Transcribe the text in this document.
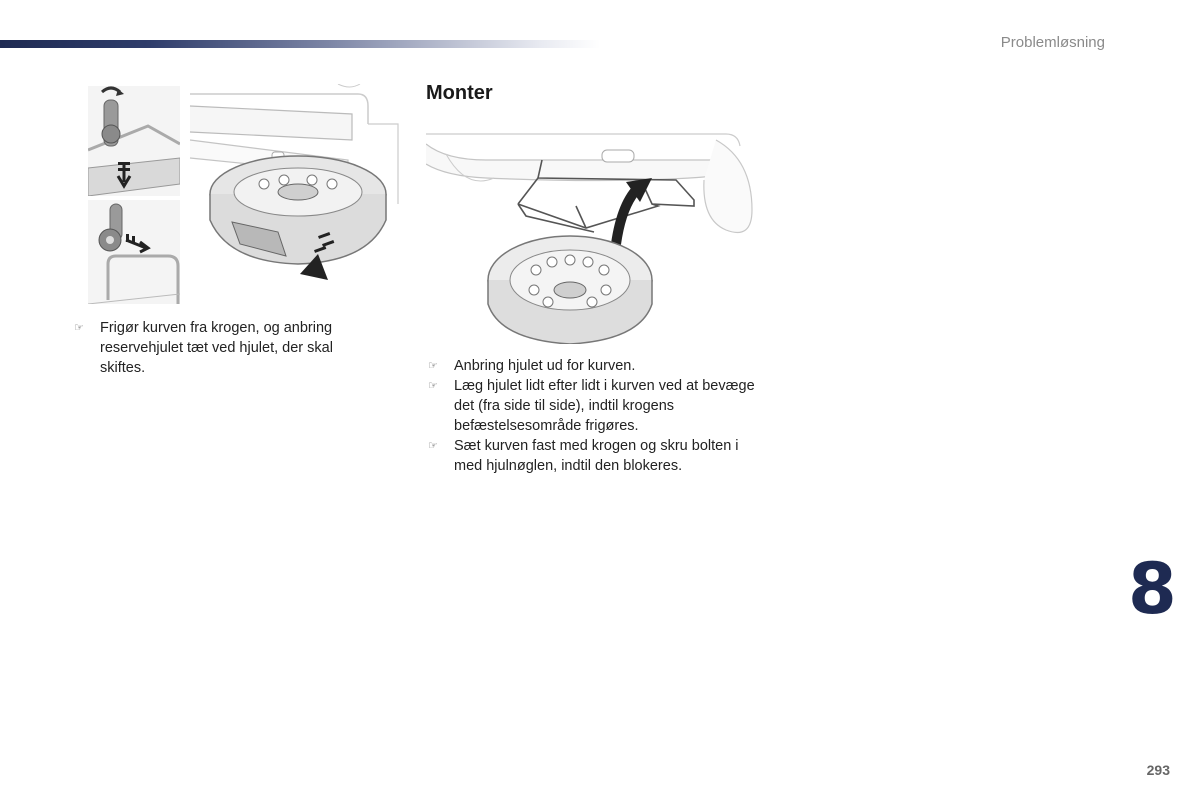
Problemløsning
☞ Frigør kurven fra krogen, og anbring reservehjulet tæt ved hjulet, der skal skiftes.
Monter
☞ Anbring hjulet ud for kurven.
☞ Læg hjulet lidt efter lidt i kurven ved at bevæge det (fra side til side), indtil krogens befæstelsesområde frigøres.
☞ Sæt kurven fast med krogen og skru bolten i med hjulnøglen, indtil den blokeres.
8
293
